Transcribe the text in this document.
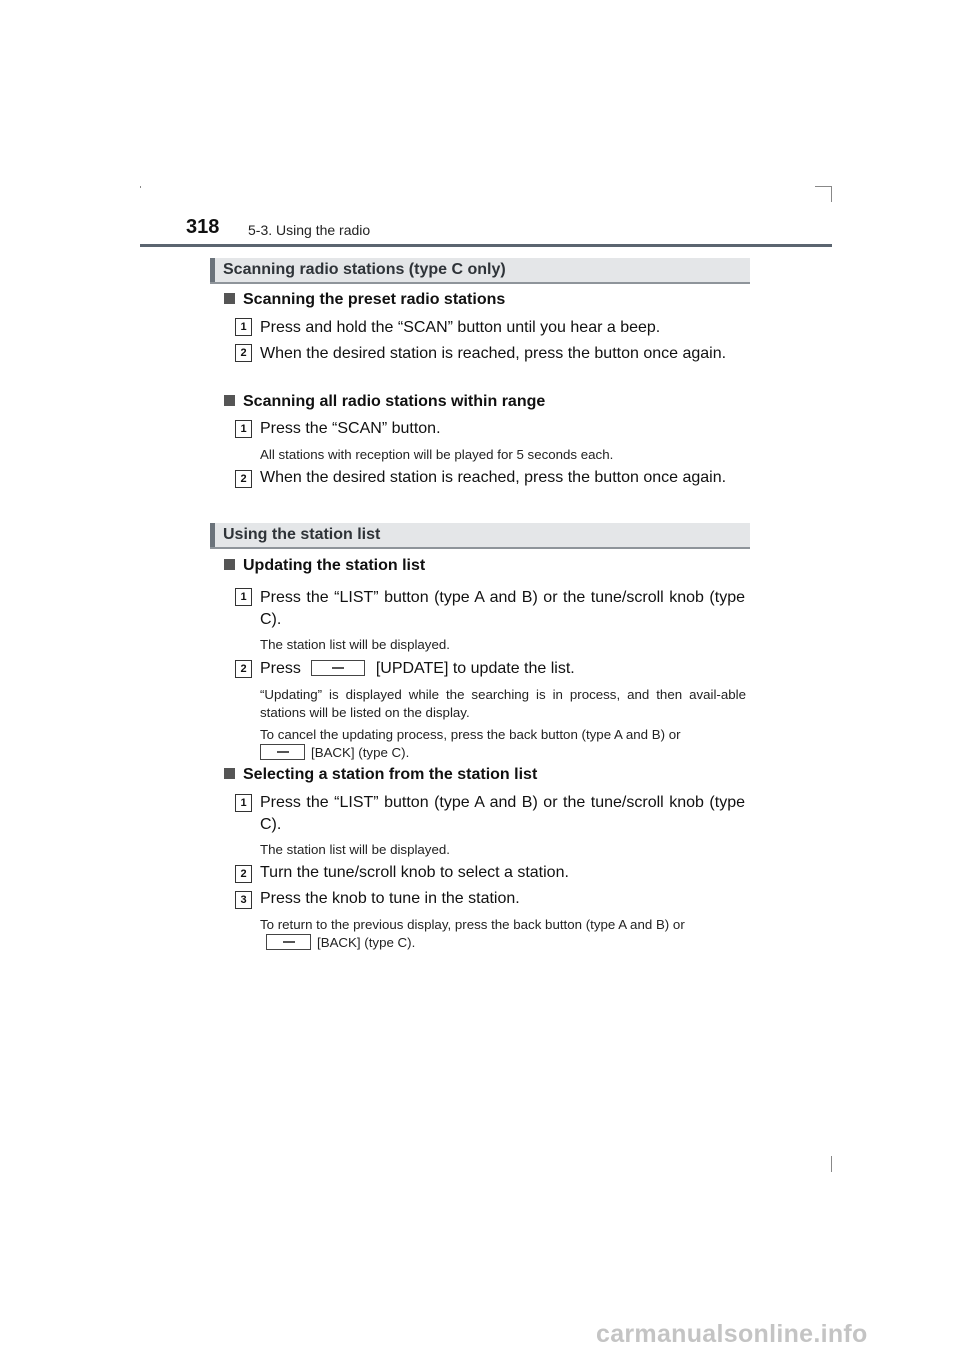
318 5-3. Using the radio
Scanning radio stations (type C only)
Scanning the preset radio stations
1 Press and hold the “SCAN” button until you hear a beep.
2 When the desired station is reached, press the button once again.
Scanning all radio stations within range
1 Press the “SCAN” button.
All stations with reception will be played for 5 seconds each.
2 When the desired station is reached, press the button once again.
Using the station list
Updating the station list
1 Press the “LIST” button (type A and B) or the tune/scroll knob (type C).
The station list will be displayed.
2 Press	[UPDATE] to update the list.
“Updating” is displayed while the searching is in process, and then avail-able stations will be listed on the display.
To cancel the updating process, press the back button (type A and B) or
[BACK] (type C).
Selecting a station from the station list
1 Press the “LIST” button (type A and B) or the tune/scroll knob (type C).
The station list will be displayed.
2 Turn the tune/scroll knob to select a station.
3 Press the knob to tune in the station.
To return to the previous display, press the back button (type A and B) or
[BACK] (type C).
carmanualsonline.info
